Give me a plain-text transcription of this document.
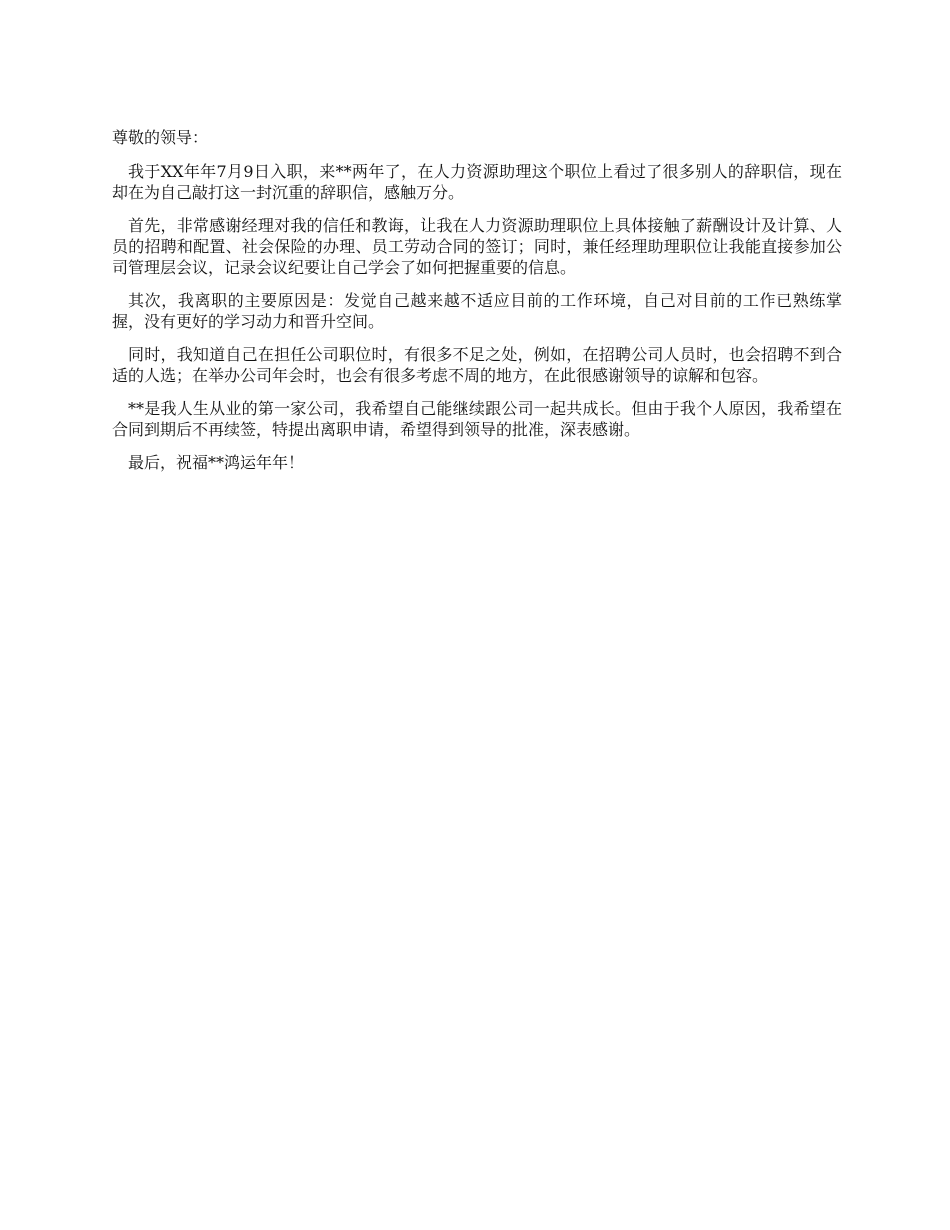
尊敬的领导：

我于XX年年7月9日入职，来**两年了，在人力资源助理这个职位上看过了很多别人的辞职信，现在却在为自己敲打这一封沉重的辞职信，感触万分。

首先，非常感谢经理对我的信任和教诲，让我在人力资源助理职位上具体接触了薪酬设计及计算、人员的招聘和配置、社会保险的办理、员工劳动合同的签订；同时，兼任经理助理职位让我能直接参加公司管理层会议，记录会议纪要让自己学会了如何把握重要的信息。

其次，我离职的主要原因是：发觉自己越来越不适应目前的工作环境，自己对目前的工作已熟练掌握，没有更好的学习动力和晋升空间。

同时，我知道自己在担任公司职位时，有很多不足之处，例如，在招聘公司人员时，也会招聘不到合适的人选；在举办公司年会时，也会有很多考虑不周的地方，在此很感谢领导的谅解和包容。

**是我人生从业的第一家公司，我希望自己能继续跟公司一起共成长。但由于我个人原因，我希望在合同到期后不再续签，特提出离职申请，希望得到领导的批准，深表感谢。

最后，祝福**鸿运年年！
